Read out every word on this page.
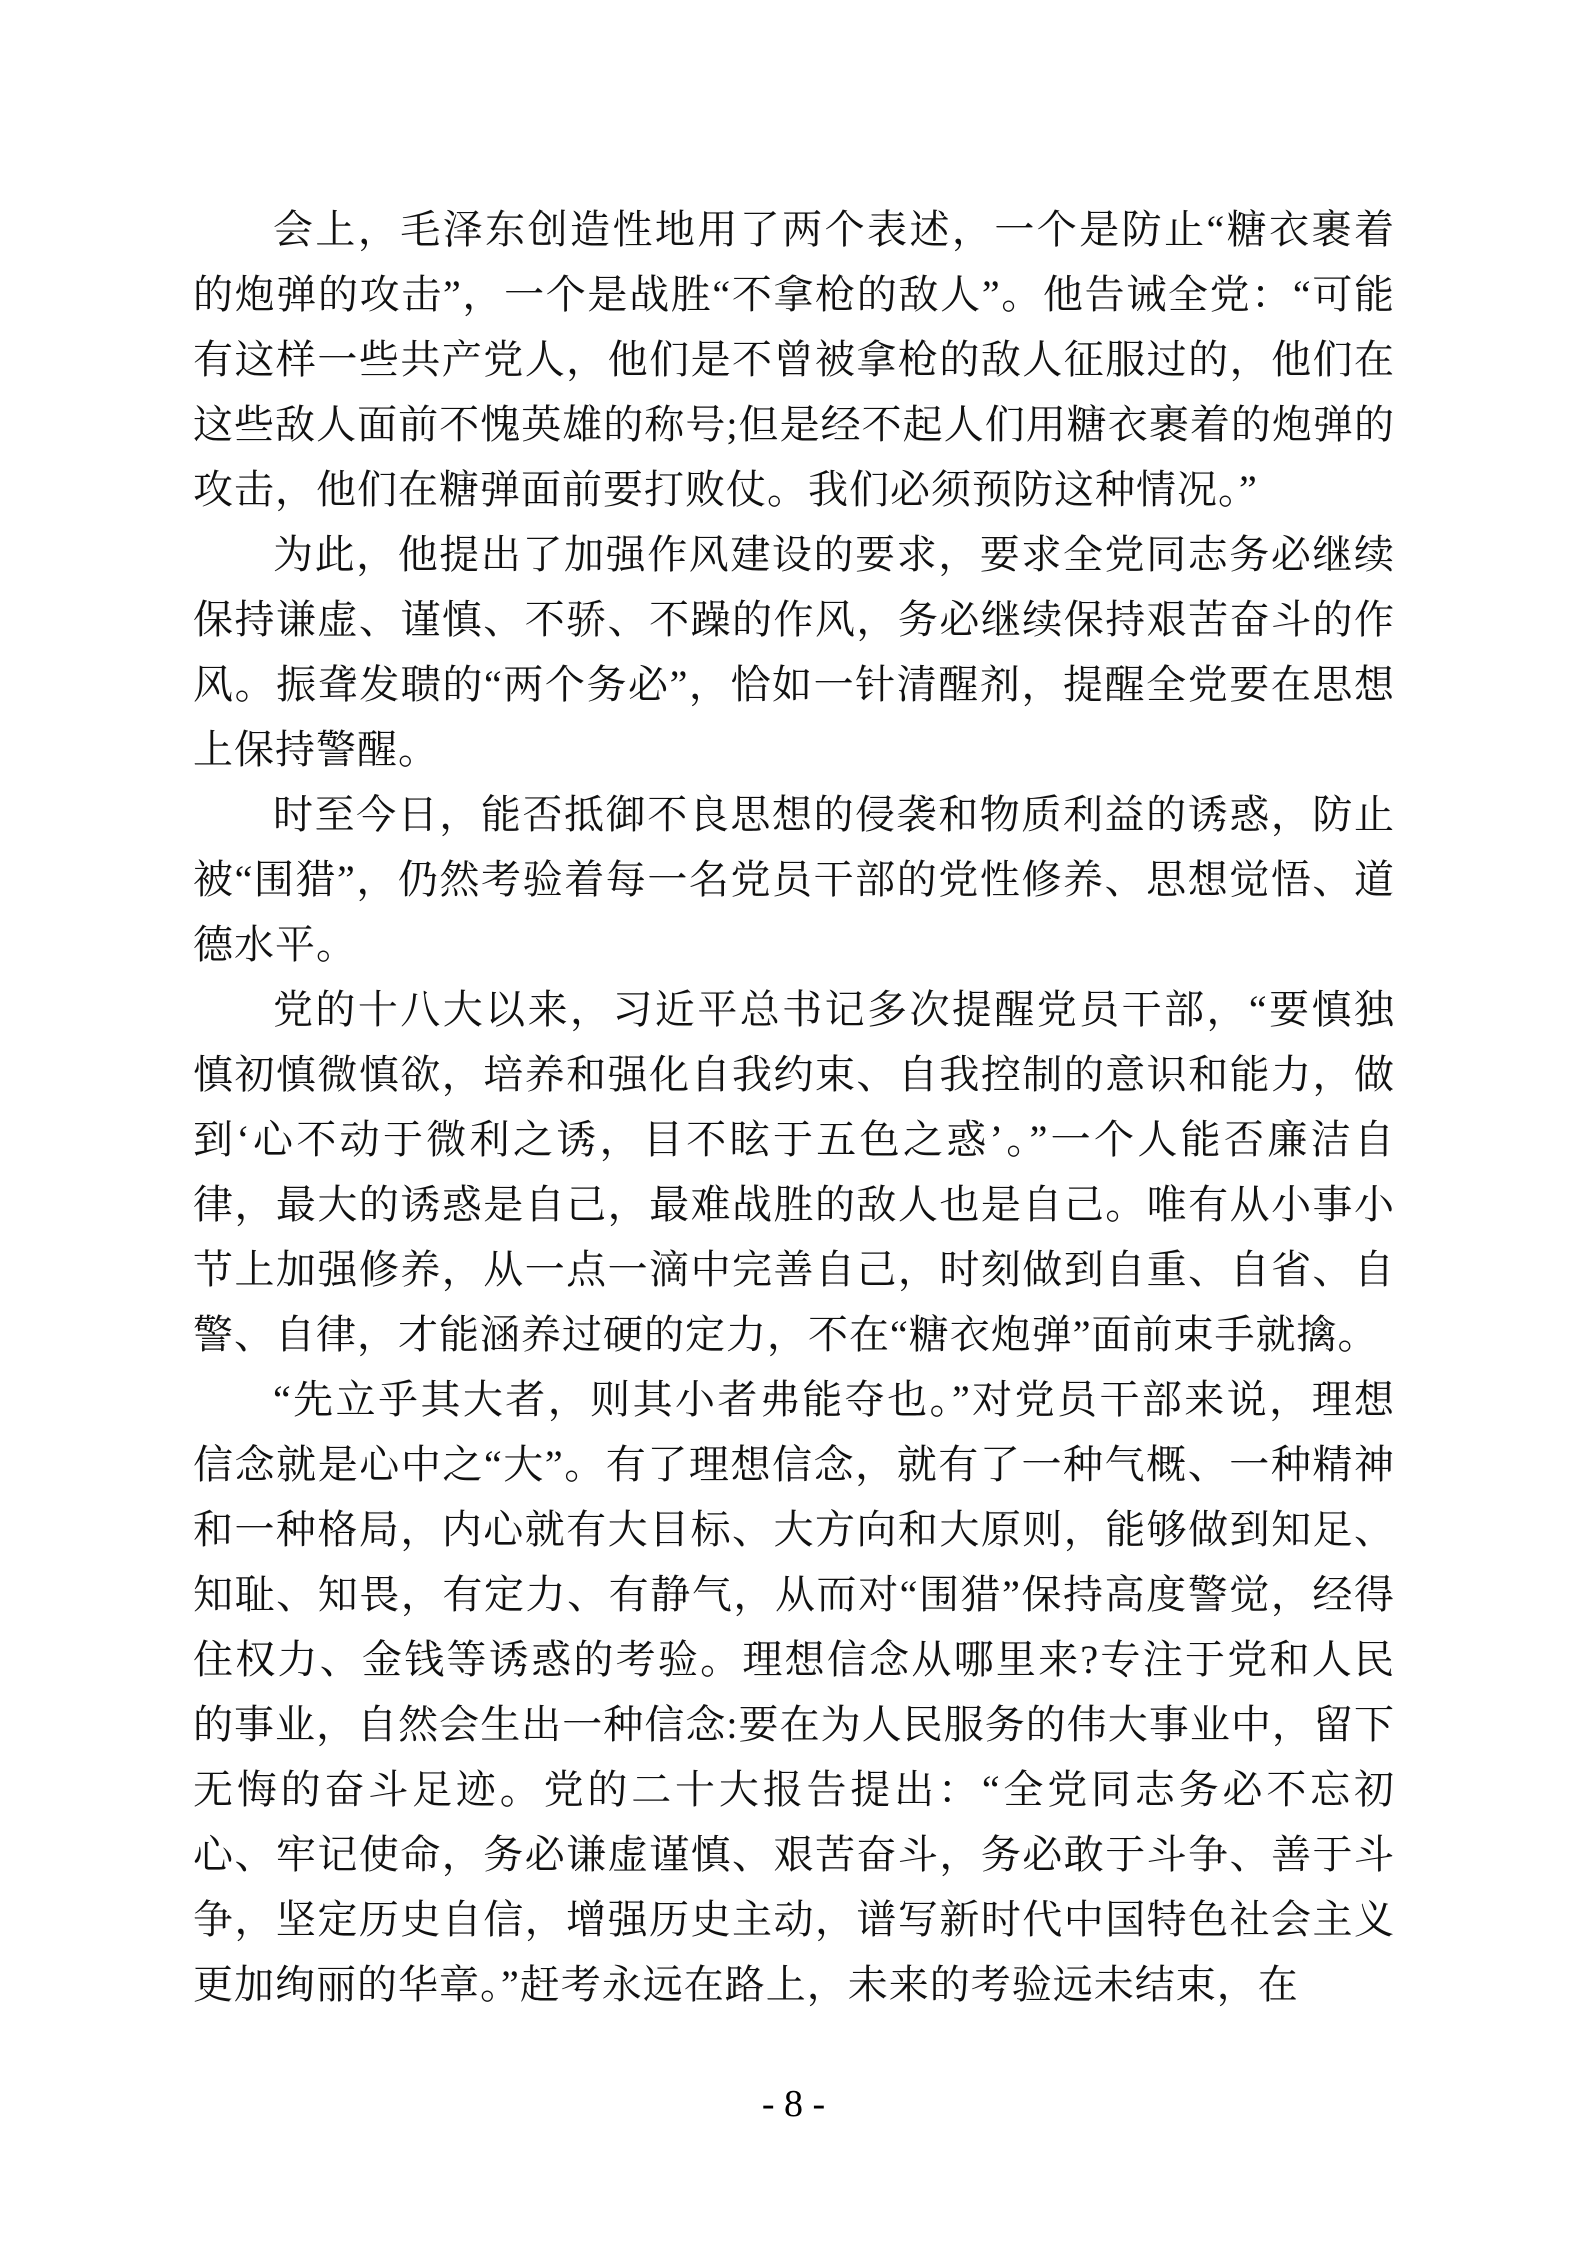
会上，毛泽东创造性地用了两个表述，一个是防止“糖衣裹着的炮弹的攻击”，一个是战胜“不拿枪的敌人”。他告诫全党：“可能有这样一些共产党人，他们是不曾被拿枪的敌人征服过的，他们在这些敌人面前不愧英雄的称号;但是经不起人们用糖衣裹着的炮弹的攻击，他们在糖弹面前要打败仗。我们必须预防这种情况。”

为此，他提出了加强作风建设的要求，要求全党同志务必继续保持谦虚、谨慎、不骄、不躁的作风，务必继续保持艰苦奋斗的作风。振聋发聩的“两个务必”，恰如一针清醒剂，提醒全党要在思想上保持警醒。

时至今日，能否抵御不良思想的侵袭和物质利益的诱惑，防止被“围猎”，仍然考验着每一名党员干部的党性修养、思想觉悟、道德水平。

党的十八大以来，习近平总书记多次提醒党员干部，“要慎独慎初慎微慎欲，培养和强化自我约束、自我控制的意识和能力，做到‘心不动于微利之诱，目不眩于五色之惑’。”一个人能否廉洁自律，最大的诱惑是自己，最难战胜的敌人也是自己。唯有从小事小节上加强修养，从一点一滴中完善自己，时刻做到自重、自省、自警、自律，才能涵养过硬的定力，不在“糖衣炮弹”面前束手就擒。

“先立乎其大者，则其小者弗能夺也。”对党员干部来说，理想信念就是心中之“大”。有了理想信念，就有了一种气概、一种精神和一种格局，内心就有大目标、大方向和大原则，能够做到知足、知耻、知畏，有定力、有静气，从而对“围猎”保持高度警觉，经得住权力、金钱等诱惑的考验。理想信念从哪里来?专注于党和人民的事业，自然会生出一种信念:要在为人民服务的伟大事业中，留下无悔的奋斗足迹。党的二十大报告提出：“全党同志务必不忘初心、牢记使命，务必谦虚谨慎、艰苦奋斗，务必敢于斗争、善于斗争，坚定历史自信，增强历史主动，谱写新时代中国特色社会主义更加绚丽的华章。”赶考永远在路上，未来的考验远未结束，在

- 8 -
